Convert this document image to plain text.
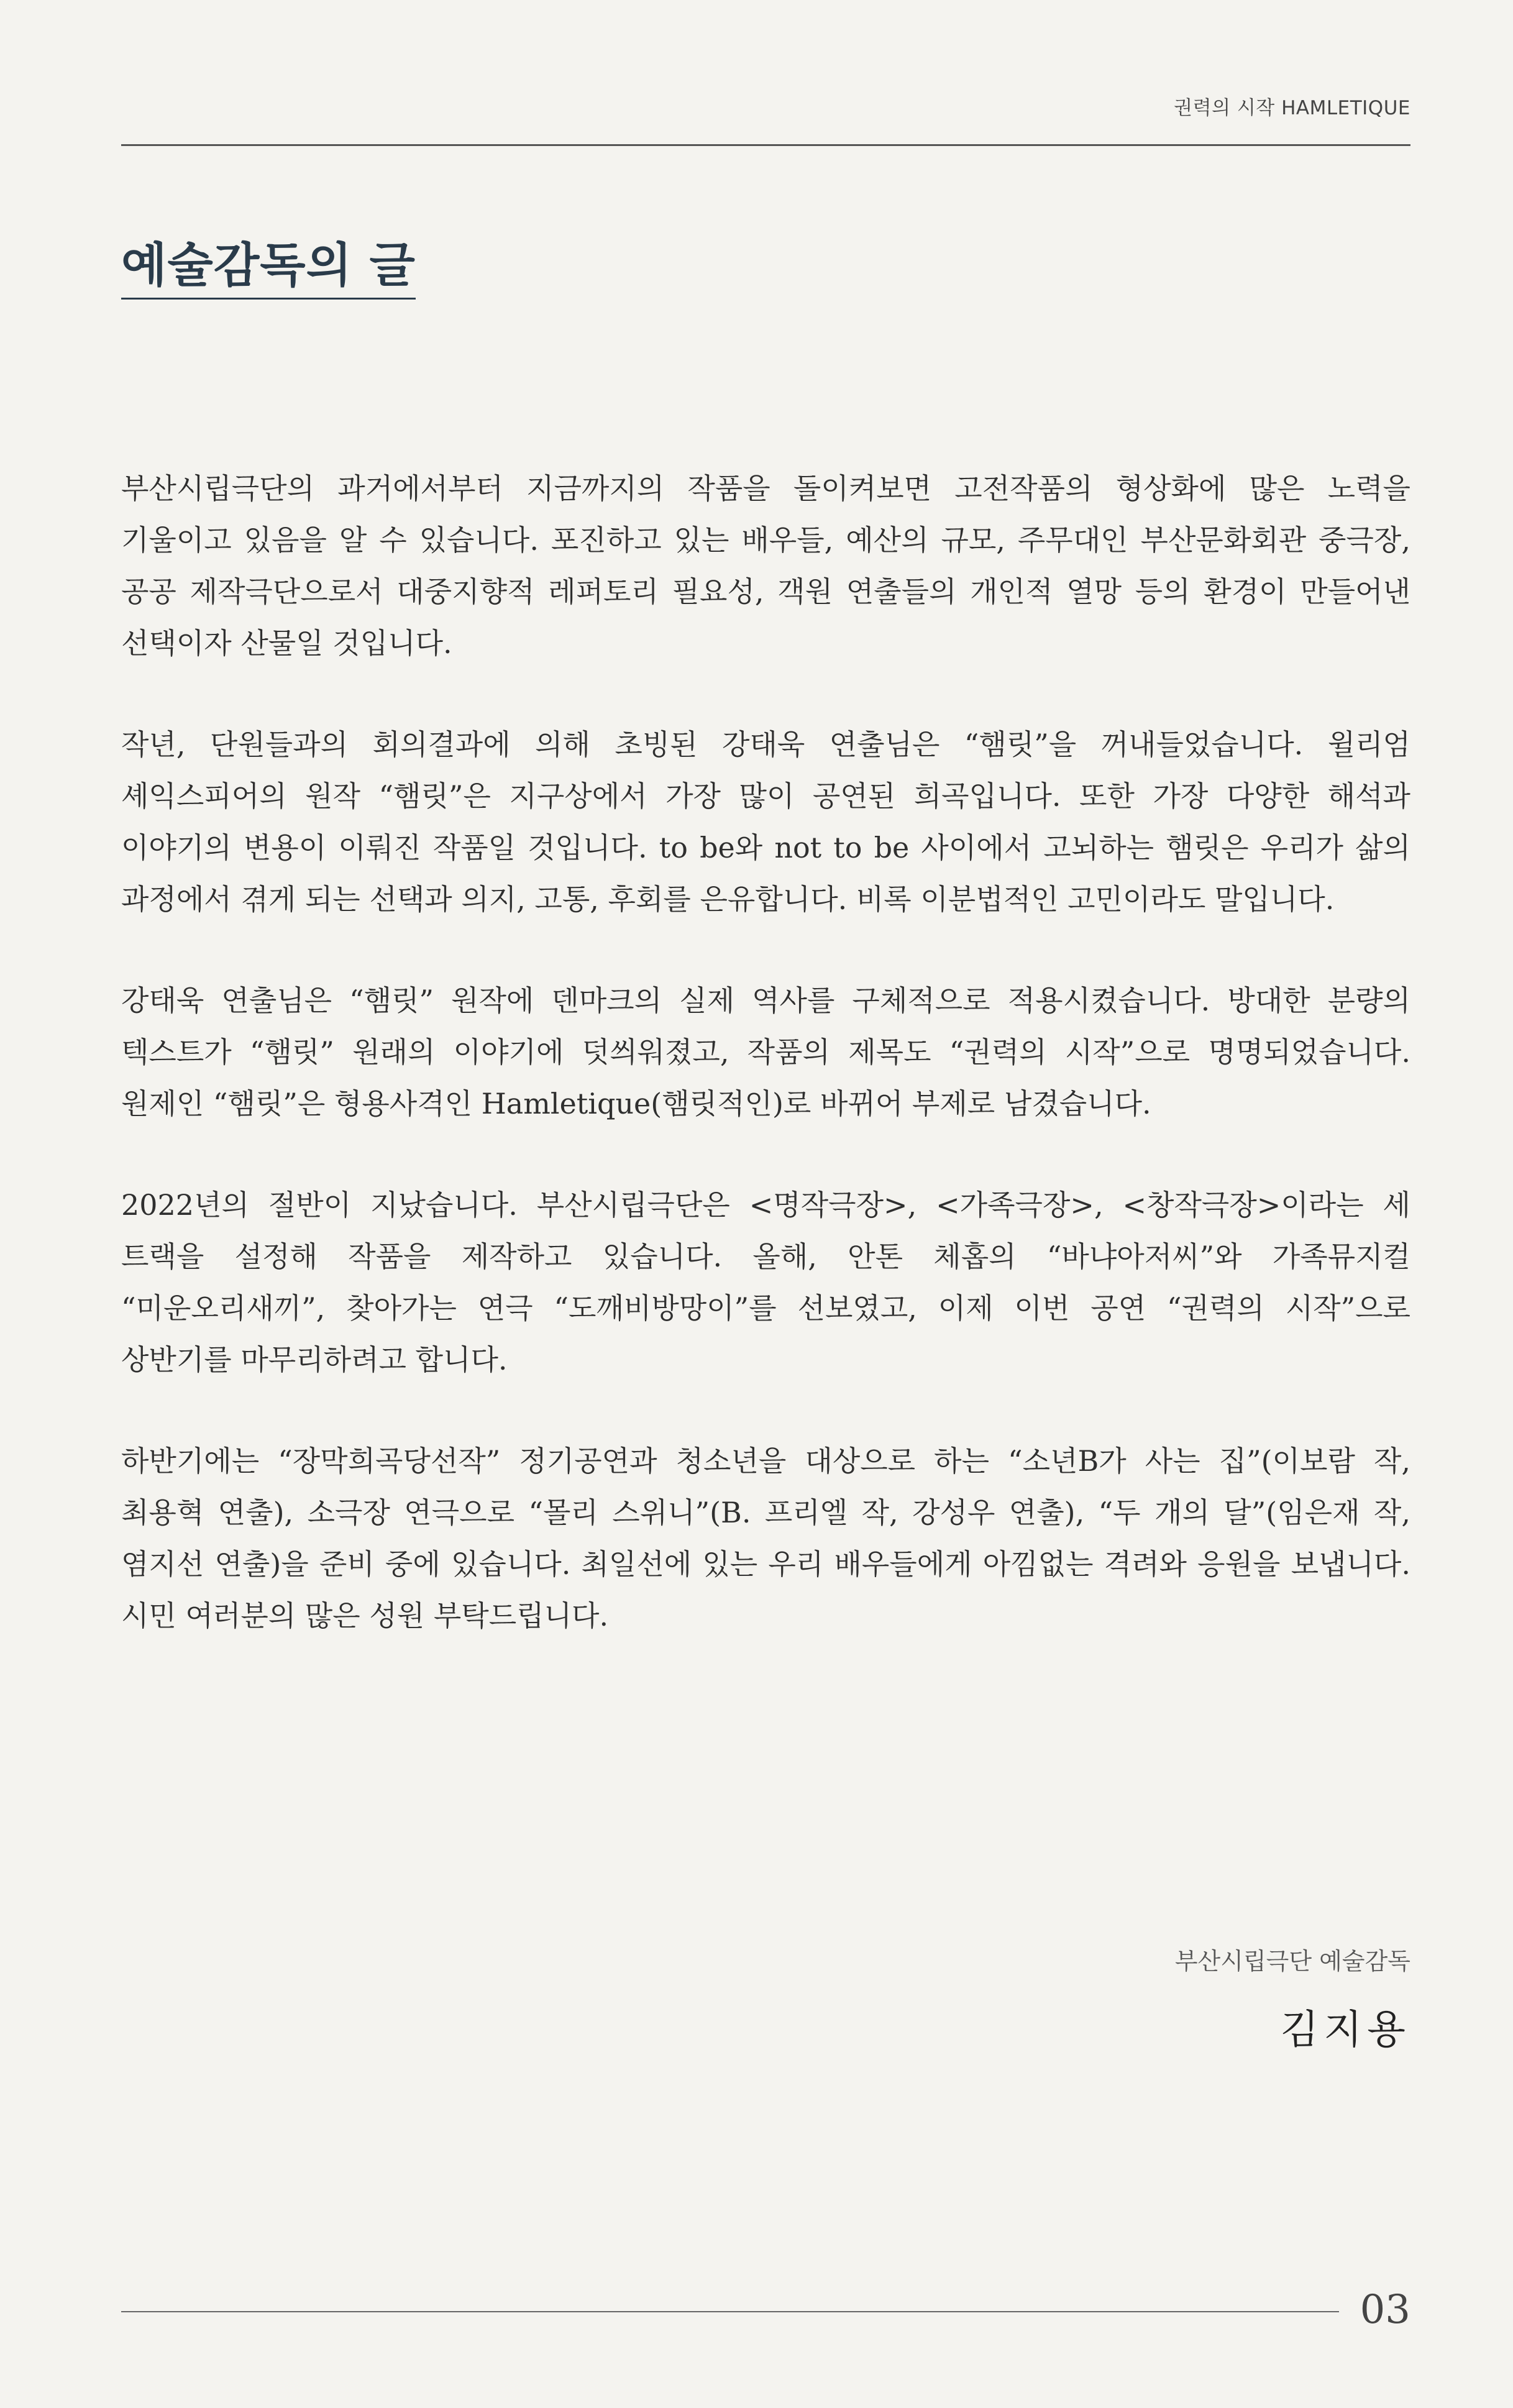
권력의 시작 HAMLETIQUE
예술감독의 글

부산시립극단의 과거에서부터 지금까지의 작품을 돌이켜보면 고전작품의 형상화에 많은 노력을 기울이고 있음을 알 수 있습니다. 포진하고 있는 배우들, 예산의 규모, 주무대인 부산문화회관 중극장, 공공 제작극단으로서 대중지향적 레퍼토리 필요성, 객원 연출들의 개인적 열망 등의 환경이 만들어낸 선택이자 산물일 것입니다.

작년, 단원들과의 회의결과에 의해 초빙된 강태욱 연출님은 “햄릿”을 꺼내들었습니다. 윌리엄 셰익스피어의 원작 “햄릿”은 지구상에서 가장 많이 공연된 희곡입니다. 또한 가장 다양한 해석과 이야기의 변용이 이뤄진 작품일 것입니다. to be와 not to be 사이에서 고뇌하는 햄릿은 우리가 삶의 과정에서 겪게 되는 선택과 의지, 고통, 후회를 은유합니다. 비록 이분법적인 고민이라도 말입니다.

강태욱 연출님은 “햄릿” 원작에 덴마크의 실제 역사를 구체적으로 적용시켰습니다. 방대한 분량의 텍스트가 “햄릿” 원래의 이야기에 덧씌워졌고, 작품의 제목도 “권력의 시작”으로 명명되었습니다. 원제인 “햄릿”은 형용사격인 Hamletique(햄릿적인)로 바뀌어 부제로 남겼습니다.

2022년의 절반이 지났습니다. 부산시립극단은 <명작극장>, <가족극장>, <창작극장>이라는 세 트랙을 설정해 작품을 제작하고 있습니다. 올해, 안톤 체홉의 “바냐아저씨”와 가족뮤지컬 “미운오리새끼”, 찾아가는 연극 “도깨비방망이”를 선보였고, 이제 이번 공연 “권력의 시작”으로 상반기를 마무리하려고 합니다.

하반기에는 “장막희곡당선작” 정기공연과 청소년을 대상으로 하는 “소년B가 사는 집”(이보람 작, 최용혁 연출), 소극장 연극으로 “몰리 스위니”(B. 프리엘 작, 강성우 연출), “두 개의 달”(임은재 작, 염지선 연출)을 준비 중에 있습니다. 최일선에 있는 우리 배우들에게 아낌없는 격려와 응원을 보냅니다. 시민 여러분의 많은 성원 부탁드립니다.

부산시립극단 예술감독
김지용
03
